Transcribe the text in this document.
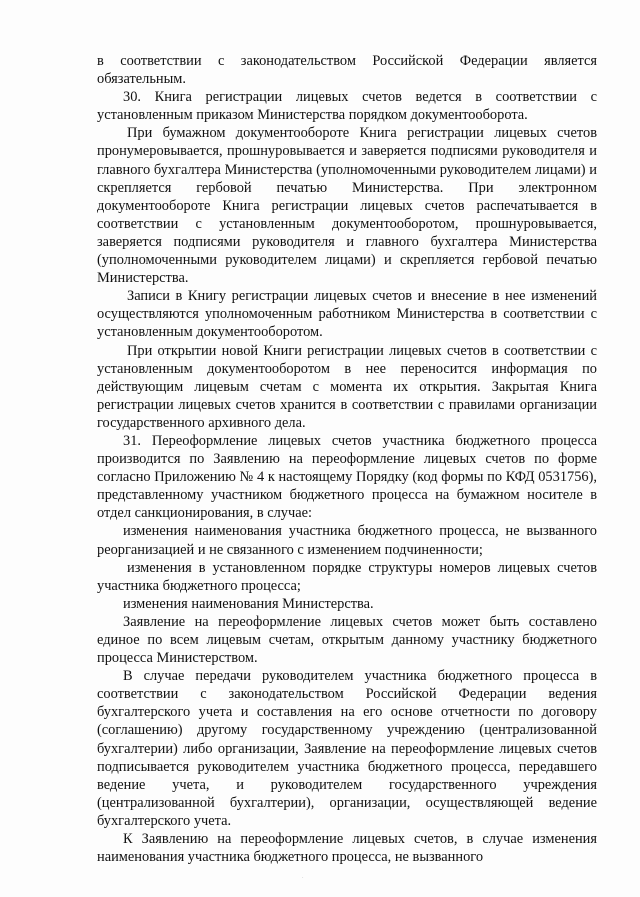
в соответствии с законодательством Российской Федерации является обязательным.

30. Книга регистрации лицевых счетов ведется в соответствии с установленным приказом Министерства порядком документооборота.

При бумажном документообороте Книга регистрации лицевых счетов пронумеровывается, прошнуровывается и заверяется подписями руководителя и главного бухгалтера Министерства (уполномоченными руководителем лицами) и скрепляется гербовой печатью Министерства. При электронном документообороте Книга регистрации лицевых счетов распечатывается в соответствии с установленным документооборотом, прошнуровывается, заверяется подписями руководителя и главного бухгалтера Министерства (уполномоченными руководителем лицами) и скрепляется гербовой печатью Министерства.

Записи в Книгу регистрации лицевых счетов и внесение в нее изменений осуществляются уполномоченным работником Министерства в соответствии с установленным документооборотом.

При открытии новой Книги регистрации лицевых счетов в соответствии с установленным документооборотом в нее переносится информация по действующим лицевым счетам с момента их открытия. Закрытая Книга регистрации лицевых счетов хранится в соответствии с правилами организации государственного архивного дела.

31. Переоформление лицевых счетов участника бюджетного процесса производится по Заявлению на переоформление лицевых счетов по форме согласно Приложению № 4 к настоящему Порядку (код формы по КФД 0531756), представленному участником бюджетного процесса на бумажном носителе в отдел санкционирования, в случае:

изменения наименования участника бюджетного процесса, не вызванного реорганизацией и не связанного с изменением подчиненности;

изменения в установленном порядке структуры номеров лицевых счетов участника бюджетного процесса;

изменения наименования Министерства.

Заявление на переоформление лицевых счетов может быть составлено единое по всем лицевым счетам, открытым данному участнику бюджетного процесса Министерством.

В случае передачи руководителем участника бюджетного процесса в соответствии с законодательством Российской Федерации ведения бухгалтерского учета и составления на его основе отчетности по договору (соглашению) другому государственному учреждению (централизованной бухгалтерии) либо организации, Заявление на переоформление лицевых счетов подписывается руководителем участника бюджетного процесса, передавшего ведение учета, и руководителем государственного учреждения (централизованной бухгалтерии), организации, осуществляющей ведение бухгалтерского учета.

К Заявлению на переоформление лицевых счетов, в случае изменения наименования участника бюджетного процесса, не вызванного

.
